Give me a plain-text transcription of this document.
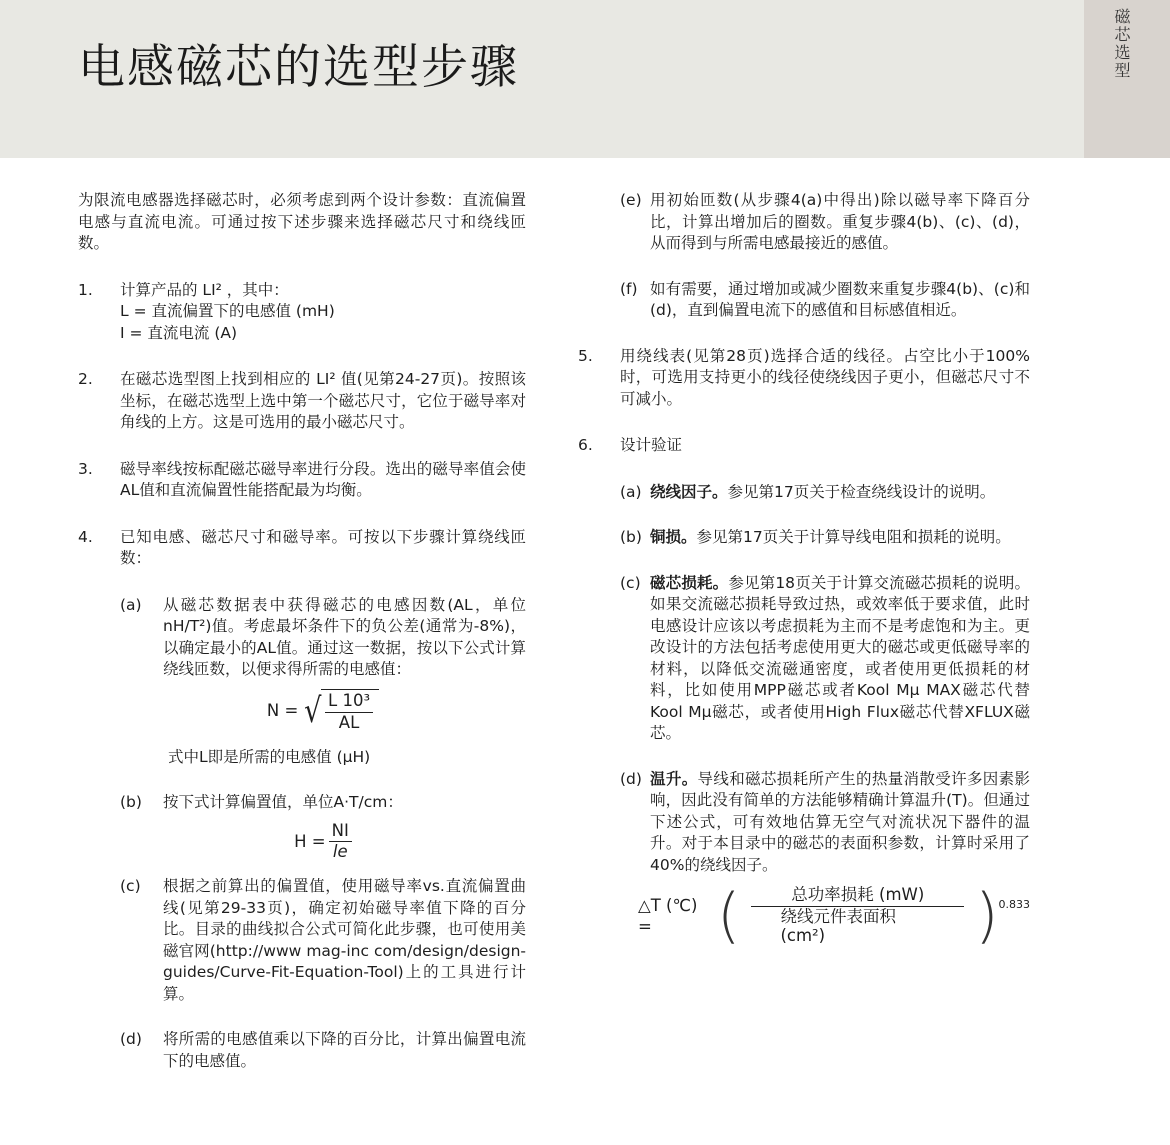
电感磁芯的选型步骤	磁芯选型

为限流电感器选择磁芯时，必须考虑到两个设计参数：直流偏置电感与直流电流。可通过按下述步骤来选择磁芯尺寸和绕线匝数。

1. 计算产品的 LI² ，其中：
L = 直流偏置下的电感值 (mH)
I = 直流电流 (A)
2. 在磁芯选型图上找到相应的 LI² 值(见第24-27页)。按照该坐标，在磁芯选型上选中第一个磁芯尺寸，它位于磁导率对角线的上方。这是可选用的最小磁芯尺寸。

3. 磁导率线按标配磁芯磁导率进行分段。选出的磁导率值会使AL值和直流偏置性能搭配最为均衡。

4. 已知电感、磁芯尺寸和磁导率。可按以下步骤计算绕线匝数：

(a) 从磁芯数据表中获得磁芯的电感因数(AL，单位nH/T²)值。考虑最坏条件下的负公差(通常为-8%)，以确定最小的AL值。通过这一数据，按以下公式计算绕线匝数，以便求得所需的电感值：

N = √ $\frac{\text{L 10³}}{AL}$

式中L即是所需的电感值 (μH)

(b) 按下式计算偏置值，单位A·T/cm：

$H = \frac{NI}{le}$
(c) 根据之前算出的偏置值，使用磁导率vs.直流偏置曲线(见第29-33页)，确定初始磁导率值下降的百分比。目录的曲线拟合公式可简化此步骤，也可使用美磁官网(http://www mag-inc com/design/design-guides/Curve-Fit-Equation-Tool)上的工具进行计算。

(d) 将所需的电感值乘以下降的百分比，计算出偏置电流下的电感值。

(e) 用初始匝数(从步骤4(a)中得出)除以磁导率下降百分比，计算出增加后的圈数。重复步骤4(b)、(c)、(d)，从而得到与所需电感最接近的感值。

(f) 如有需要，通过增加或减少圈数来重复步骤4(b)、(c)和(d)，直到偏置电流下的感值和目标感值相近。

5. 用绕线表(见第28页)选择合适的线径。占空比小于100%时，可选用支持更小的线径使绕线因子更小，但磁芯尺寸不可减小。

6. 设计验证

(a) 绕线因子。参见第17页关于检查绕线设计的说明。

(b) 铜损。参见第17页关于计算导线电阻和损耗的说明。

(c) 磁芯损耗。参见第18页关于计算交流磁芯损耗的说明。如果交流磁芯损耗导致过热，或效率低于要求值，此时电感设计应该以考虑损耗为主而不是考虑饱和为主。更改设计的方法包括考虑使用更大的磁芯或更低磁导率的材料，以降低交流磁通密度，或者使用更低损耗的材料，比如使用MPP磁芯或者Kool Mμ MAX磁芯代替Kool Mμ磁芯，或者使用High Flux磁芯代替XFLUX磁芯。

(d) 温升。导线和磁芯损耗所产生的热量消散受许多因素影响，因此没有简单的方法能够精确计算温升(T)。但通过下述公式，可有效地估算无空气对流状况下器件的温升。对于本目录中的磁芯的表面积参数，计算时采用了40%的绕线因子。

△T (℃) =	( $\frac{\text{总功率损耗 (mW)}}{\text{绕线元件表面积 (cm²)}}$ ) 0.833
